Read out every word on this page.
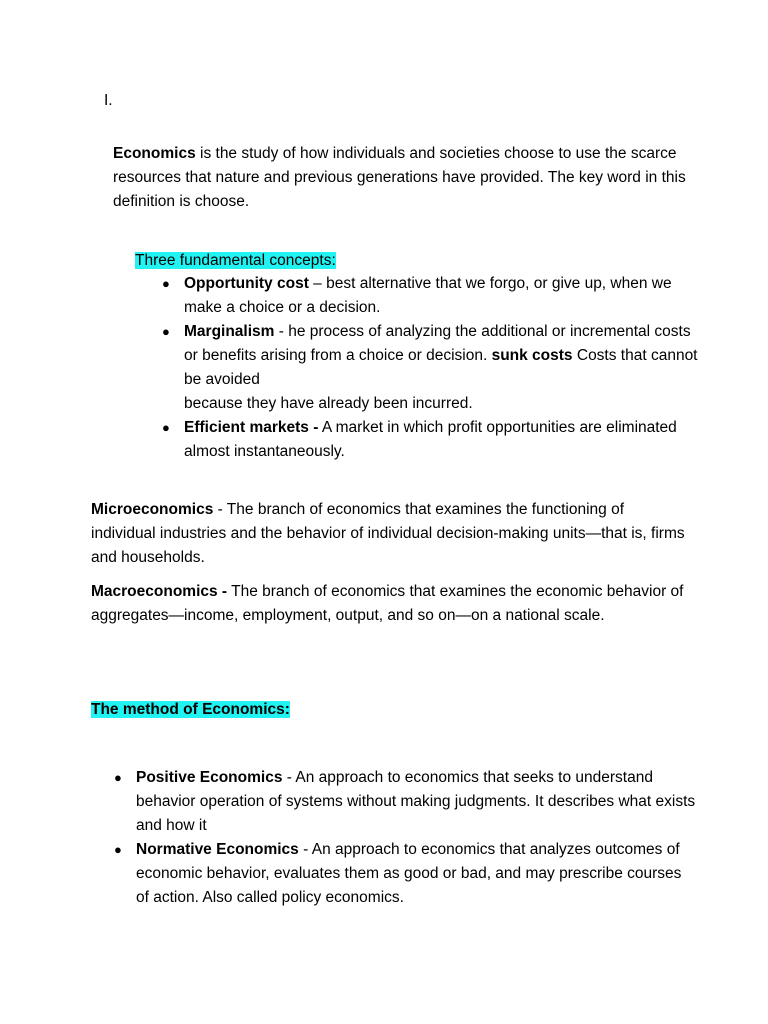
I.

Economics is the study of how individuals and societies choose to use the scarce resources that nature and previous generations have provided. The key word in this definition is choose.

Three fundamental concepts:

● Opportunity cost – best alternative that we forgo, or give up, when we make a choice or a decision.
● Marginalism - he process of analyzing the additional or incremental costs or benefits arising from a choice or decision. sunk costs Costs that cannot be avoided
because they have already been incurred.
● Efficient markets - A market in which profit opportunities are eliminated almost instantaneously.

Microeconomics - The branch of economics that examines the functioning of individual industries and the behavior of individual decision-making units—that is, firms and households.

Macroeconomics - The branch of economics that examines the economic behavior of aggregates—income, employment, output, and so on—on a national scale.

The method of Economics:

● Positive Economics - An approach to economics that seeks to understand behavior operation of systems without making judgments. It describes what exists and how it
● Normative Economics - An approach to economics that analyzes outcomes of economic behavior, evaluates them as good or bad, and may prescribe courses of action. Also called policy economics.
